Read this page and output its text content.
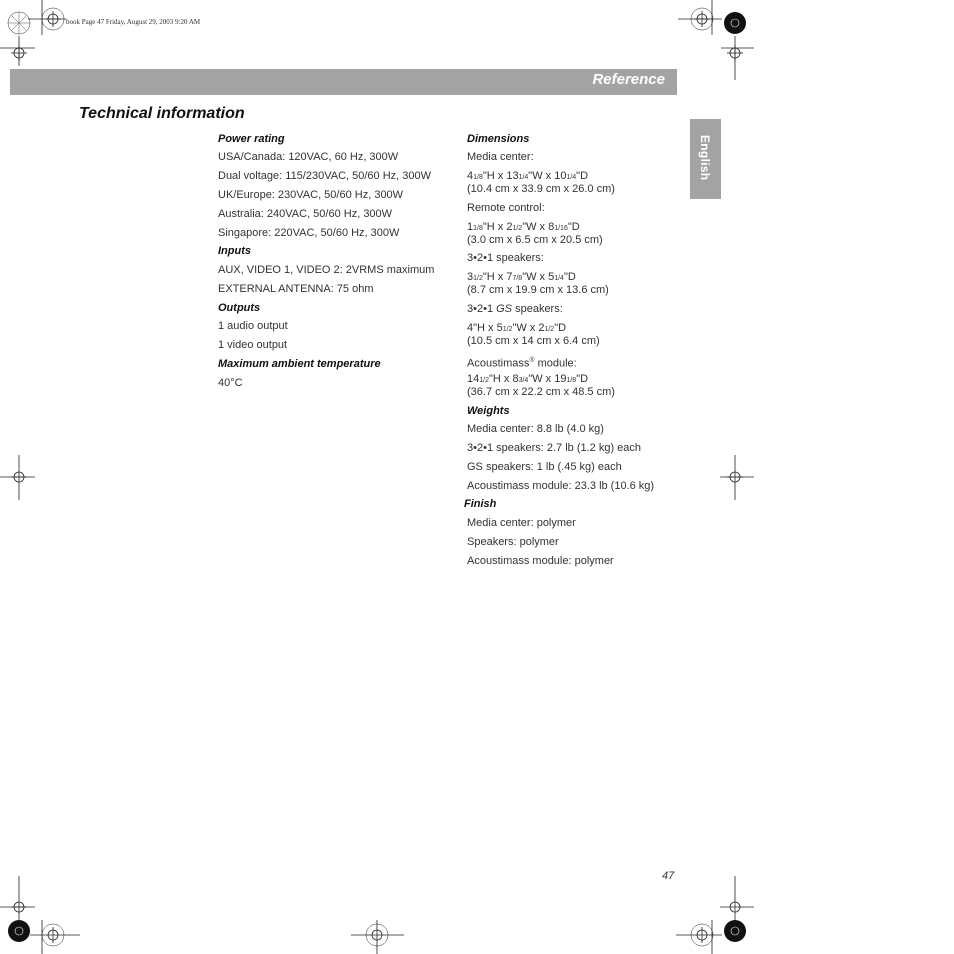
book Page 47 Friday, August 29, 2003 9:20 AM
Reference
English
Technical information
Power rating
USA/Canada: 120VAC, 60 Hz, 300W
Dual voltage: 115/230VAC, 50/60 Hz, 300W
UK/Europe: 230VAC, 50/60 Hz, 300W
Australia: 240VAC, 50/60 Hz, 300W
Singapore: 220VAC, 50/60 Hz, 300W
Inputs
AUX, VIDEO 1, VIDEO 2: 2VRMS maximum
EXTERNAL ANTENNA: 75 ohm
Outputs
1 audio output
1 video output
Maximum ambient temperature
40°C
Dimensions
Media center:
41/8"H x 131/4"W x 101/4"D
(10.4 cm x 33.9 cm x 26.0 cm)
Remote control:
11/8"H x 21/2"W x 81/16"D
(3.0 cm x 6.5 cm x 20.5 cm)
3•2•1 speakers:
31/2"H x 77/8"W x 51/4"D
(8.7 cm x 19.9 cm x 13.6 cm)
3•2•1 GS speakers:
4"H x 51/2"W x 21/2"D
(10.5 cm x 14 cm x 6.4 cm)
Acoustimass® module:
141/2"H x 83/4"W x 191/8"D
(36.7 cm x 22.2 cm x 48.5 cm)
Weights
Media center: 8.8 lb (4.0 kg)
3•2•1 speakers: 2.7 lb (1.2 kg) each
GS speakers: 1 lb (.45 kg) each
Acoustimass module: 23.3 lb (10.6 kg)
Finish
Media center: polymer
Speakers: polymer
Acoustimass module: polymer
47
